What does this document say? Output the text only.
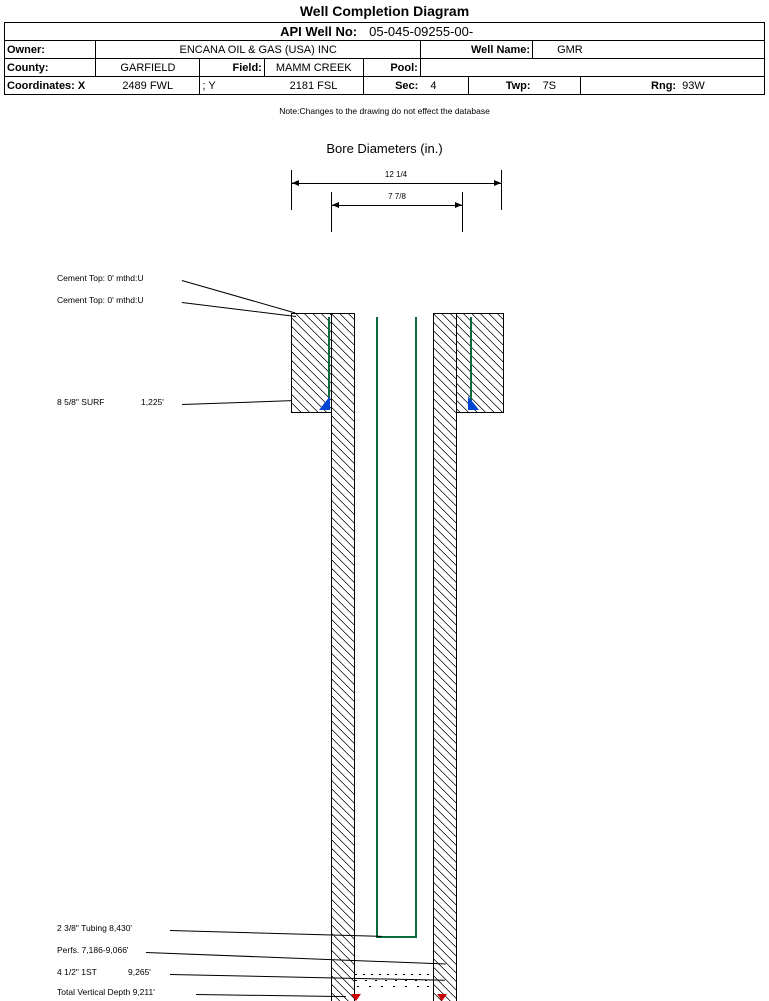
Well Completion Diagram
API Well No:				05-045-09255-00-					
Owner:	ENCANA OIL & GAS (USA) INC				Well Name:		GMR		
County:	GARFIELD	Field:	MAMM CREEK	Pool:					
Coordinates: X	2489 FWL	; Y	2181 FSL	Sec:	4	Twp:	7S	Rng:	93W
Note:Changes to the drawing do not effect the database
Bore Diameters (in.)
12 1/4
7 7/8
Cement Top: 0' mthd:U
Cement Top: 0' mthd:U
8 5/8" SURF	1,225'
2 3/8" Tubing 8,430'
Perfs. 7,186-9,066'
4 1/2" 1ST	9,265'
Total Vertical Depth 9,211'
